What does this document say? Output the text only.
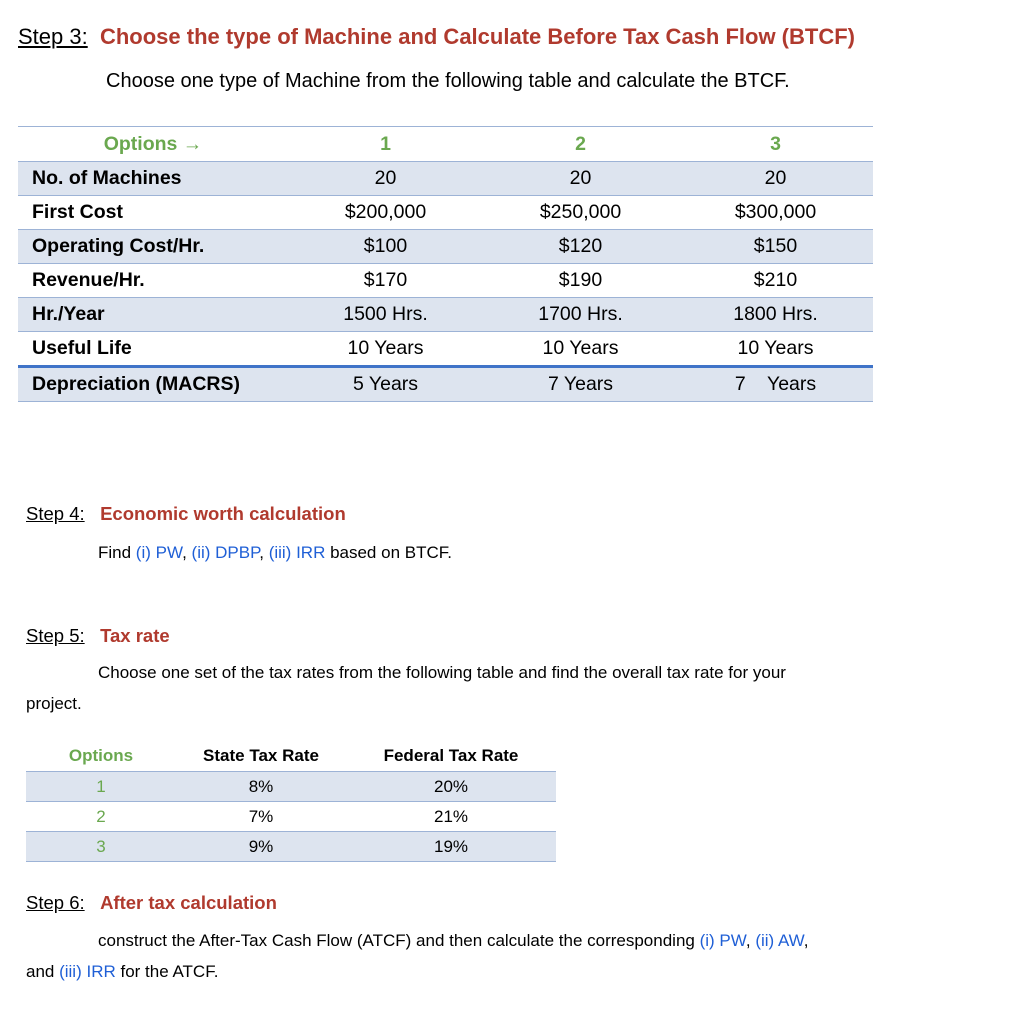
Step 3: Choose the type of Machine and Calculate Before Tax Cash Flow (BTCF)
Choose one type of Machine from the following table and calculate the BTCF.
Options →	1	2	3
No. of Machines	20	20	20
First Cost	$200,000	$250,000	$300,000
Operating Cost/Hr.	$100	$120	$150
Revenue/Hr.	$170	$190	$210
Hr./Year	1500 Hrs.	1700 Hrs.	1800 Hrs.
Useful Life	10 Years	10 Years	10 Years
Depreciation (MACRS)	5 Years	7 Years	7    Years
Step 4: Economic worth calculation
Find (i) PW, (ii) DPBP, (iii) IRR based on BTCF.
Step 5: Tax rate
Choose one set of the tax rates from the following table and find the overall tax rate for your
project.
Options	State Tax Rate	Federal Tax Rate
1	8%	20%
2	7%	21%
3	9%	19%
Step 6: After tax calculation
construct the After-Tax Cash Flow (ATCF) and then calculate the corresponding (i) PW, (ii) AW,
and (iii) IRR for the ATCF.
